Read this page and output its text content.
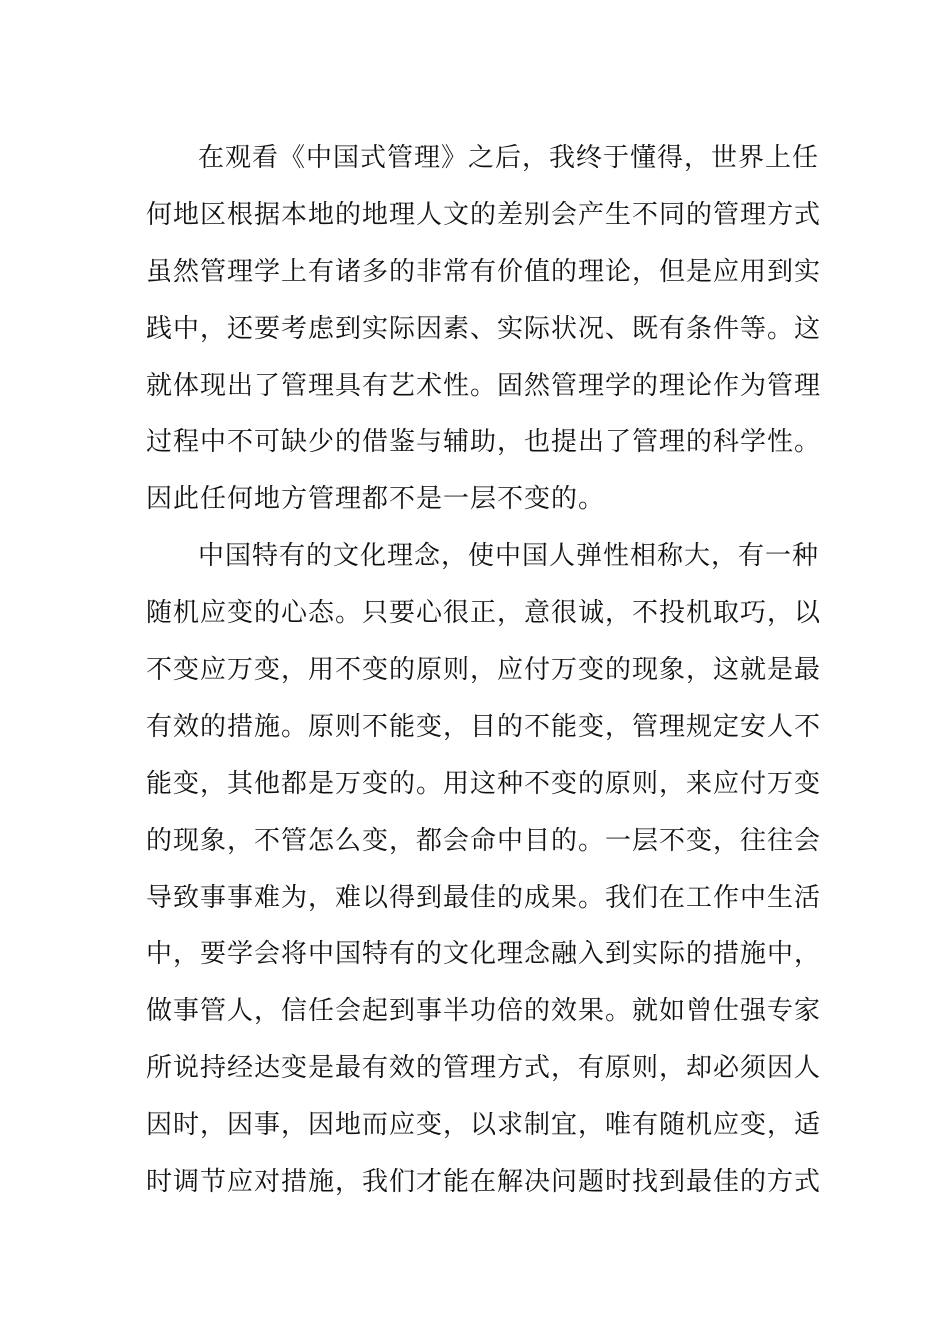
在观看《中国式管理》之后，我终于懂得，世界上任
何地区根据本地的地理人文的差别会产生不同的管理方式
虽然管理学上有诸多的非常有价值的理论，但是应用到实
践中，还要考虑到实际因素、实际状况、既有条件等。这
就体现出了管理具有艺术性。固然管理学的理论作为管理
过程中不可缺少的借鉴与辅助，也提出了管理的科学性。
因此任何地方管理都不是一层不变的。
中国特有的文化理念，使中国人弹性相称大，有一种
随机应变的心态。只要心很正，意很诚，不投机取巧，以
不变应万变，用不变的原则，应付万变的现象，这就是最
有效的措施。原则不能变，目的不能变，管理规定安人不
能变，其他都是万变的。用这种不变的原则，来应付万变
的现象，不管怎么变，都会命中目的。一层不变，往往会
导致事事难为，难以得到最佳的成果。我们在工作中生活
中，要学会将中国特有的文化理念融入到实际的措施中，
做事管人，信任会起到事半功倍的效果。就如曾仕强专家
所说持经达变是最有效的管理方式，有原则，却必须因人
因时，因事，因地而应变，以求制宜，唯有随机应变，适
时调节应对措施，我们才能在解决问题时找到最佳的方式
